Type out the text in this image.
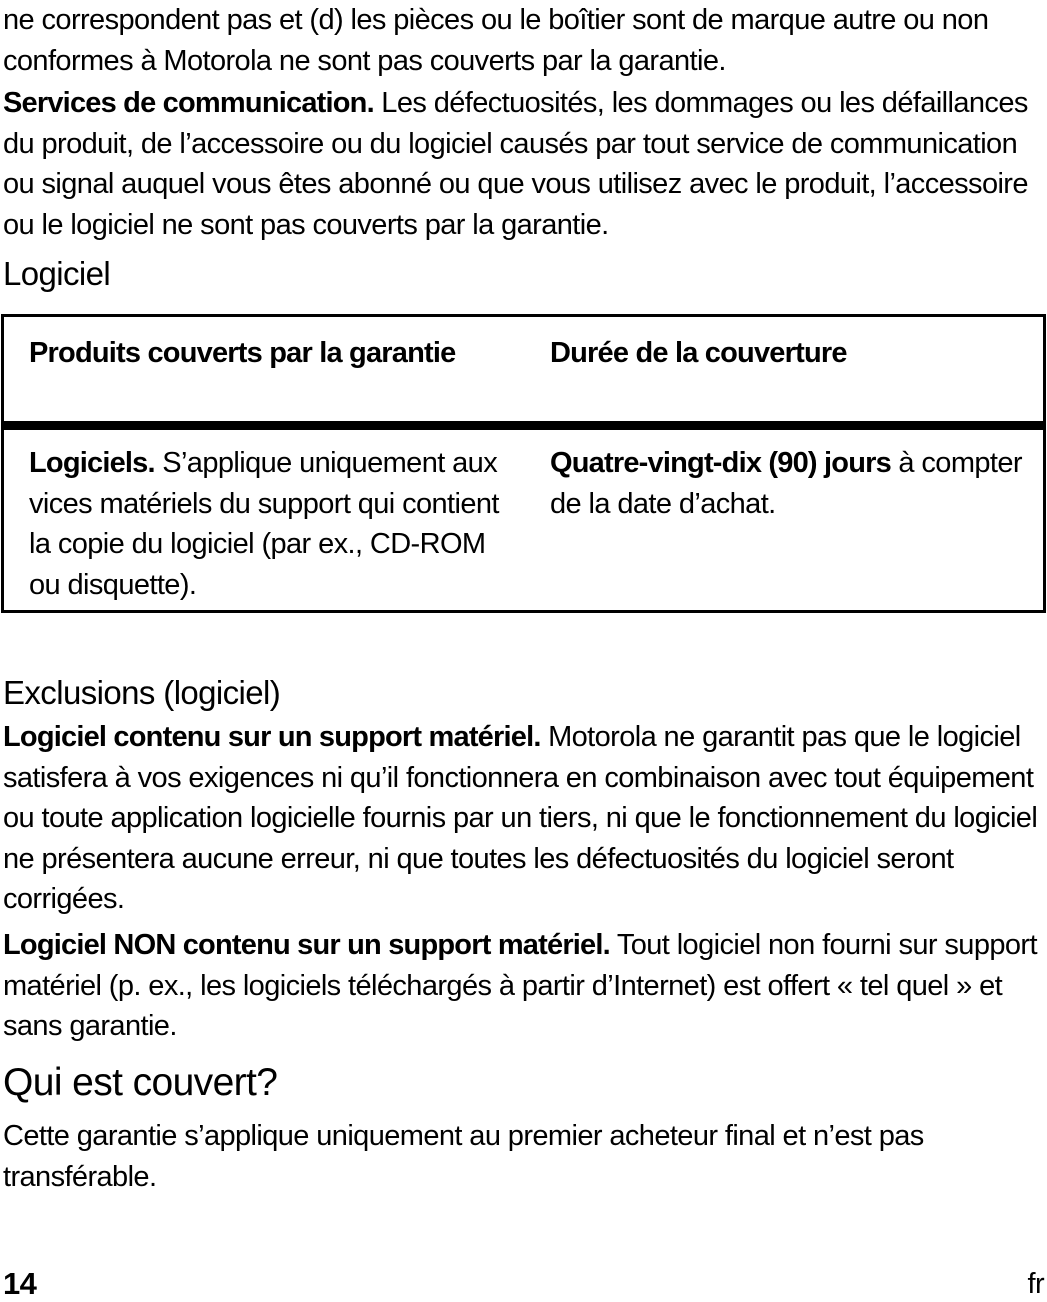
ne correspondent pas et (d) les pièces ou le boîtier sont de marque autre ou non conformes à Motorola ne sont pas couverts par la garantie.

Services de communication. Les défectuosités, les dommages ou les défaillances du produit, de l’accessoire ou du logiciel causés par tout service de communication ou signal auquel vous êtes abonné ou que vous utilisez avec le produit, l’accessoire ou le logiciel ne sont pas couverts par la garantie.

Logiciel
Produits couverts par la garantie	Durée de la couverture
Logiciels. S’applique uniquement aux vices matériels du support qui contient la copie du logiciel (par ex., CD-ROM ou disquette).
Quatre-vingt-dix (90) jours à compter de la date d’achat.
Exclusions (logiciel)

Logiciel contenu sur un support matériel. Motorola ne garantit pas que le logiciel satisfera à vos exigences ni qu’il fonctionnera en combinaison avec tout équipement ou toute application logicielle fournis par un tiers, ni que le fonctionnement du logiciel ne présentera aucune erreur, ni que toutes les défectuosités du logiciel seront corrigées.

Logiciel NON contenu sur un support matériel. Tout logiciel non fourni sur support matériel (p. ex., les logiciels téléchargés à partir d’Internet) est offert « tel quel » et sans garantie.

Qui est couvert?

Cette garantie s’applique uniquement au premier acheteur final et n’est pas transférable.

14	fr
